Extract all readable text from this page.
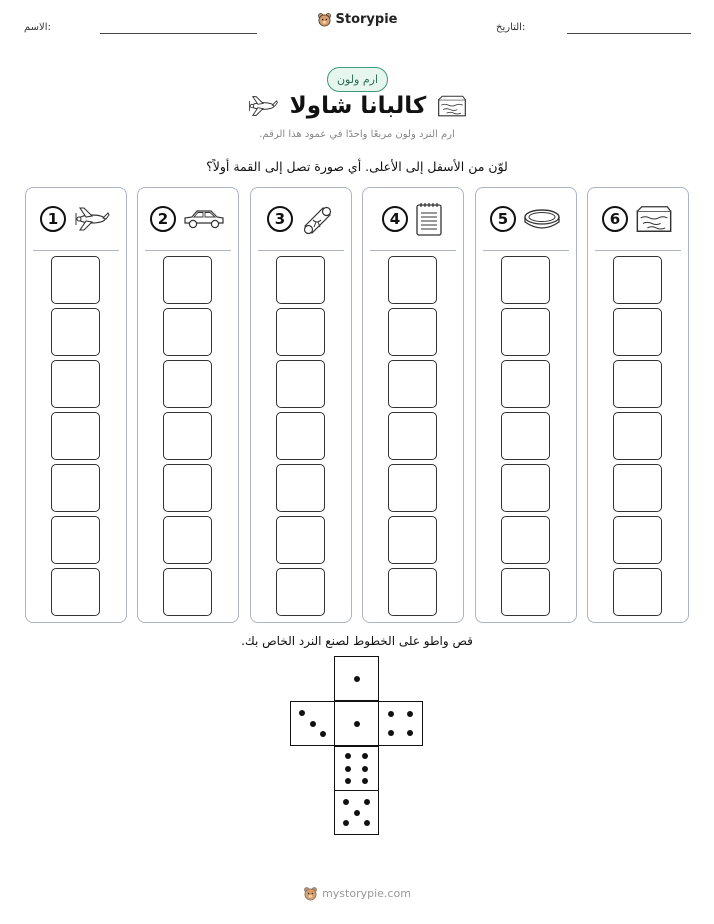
الاسم:
Storypie
التاريخ:
ارم ولون
كالبانا شاولا
ارم النرد ولون مربعًا واحدًا في عمود هذا الرقم.
لوّن من الأسفل إلى الأعلى. أي صورة تصل إلى القمة أولاً؟
1	2	3	4	5	6
قص واطو على الخطوط لصنع النرد الخاص بك.
mystorypie.com
